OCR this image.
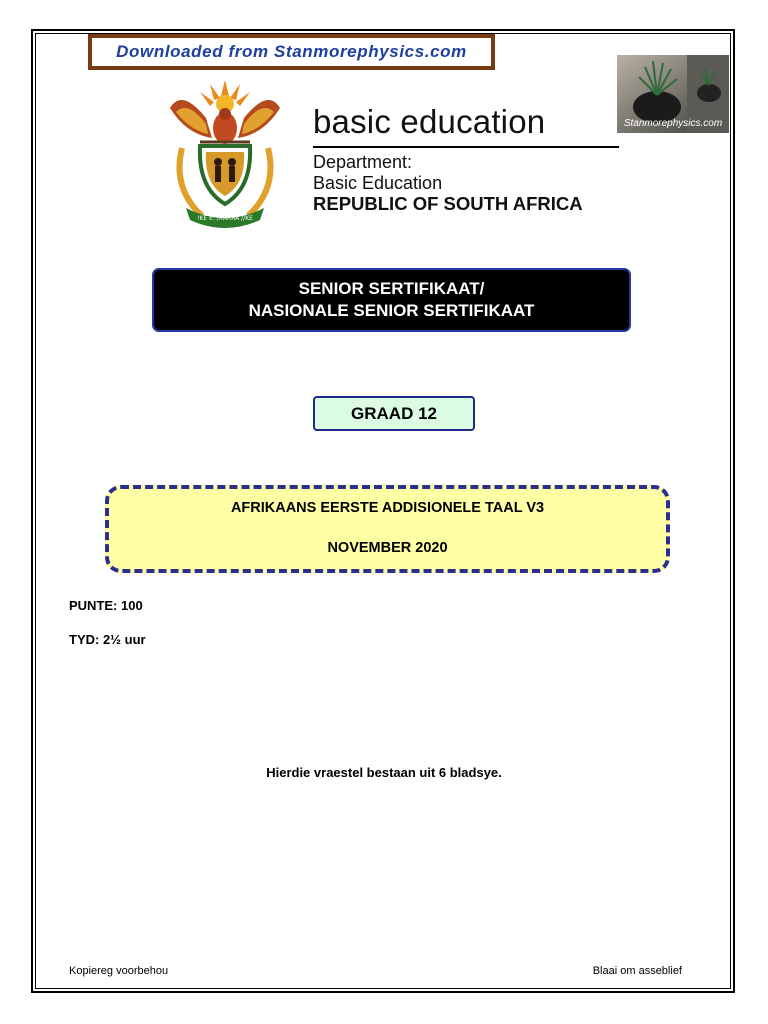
Downloaded from Stanmorephysics.com
Stanmorephysics.com
!KE E: /XARRA //KE
basic education
Department:
Basic Education
REPUBLIC OF SOUTH AFRICA
SENIOR SERTIFIKAAT/
NASIONALE SENIOR SERTIFIKAAT
GRAAD 12
AFRIKAANS EERSTE ADDISIONELE TAAL V3
NOVEMBER 2020
PUNTE: 100
TYD: 2½ uur
Hierdie vraestel bestaan uit 6 bladsye.
Kopiereg voorbehou	Blaai om asseblief
